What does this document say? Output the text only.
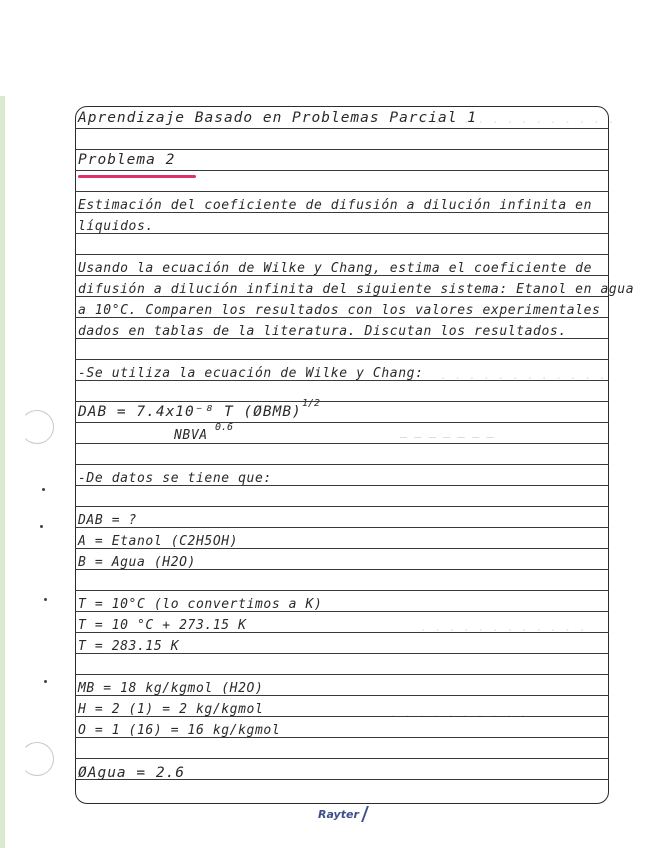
. . . . . . . . . . . . . .
. . . . . . . . . . . .
— — — — — — —
. . . . . . . . . . . .
. . . . . . . . . .
Aprendizaje Basado en Problemas Parcial 1
Problema 2
Estimación del coeficiente de difusión a dilución infinita en
líquidos.
Usando la ecuación de Wilke y Chang, estima el coeficiente de
difusión a dilución infinita del siguiente sistema: Etanol en agua
a 10°C. Comparen los resultados con los valores experimentales
dados en tablas de la literatura. Discutan los resultados.
-Se utiliza la ecuación de Wilke y Chang:
DAB = 7.4x10⁻⁸ T (ØBMB)
1/2
NBVA
0.6
-De datos se tiene que:
DAB = ?
A = Etanol (C2H5OH)
B = Agua (H2O)
T = 10°C (lo convertimos a K)
T = 10 °C + 273.15 K
T = 283.15 K
MB = 18 kg/kgmol (H2O)
H = 2 (1) = 2 kg/kgmol
O = 1 (16) = 16 kg/kgmol
ØAgua = 2.6
Rayter
